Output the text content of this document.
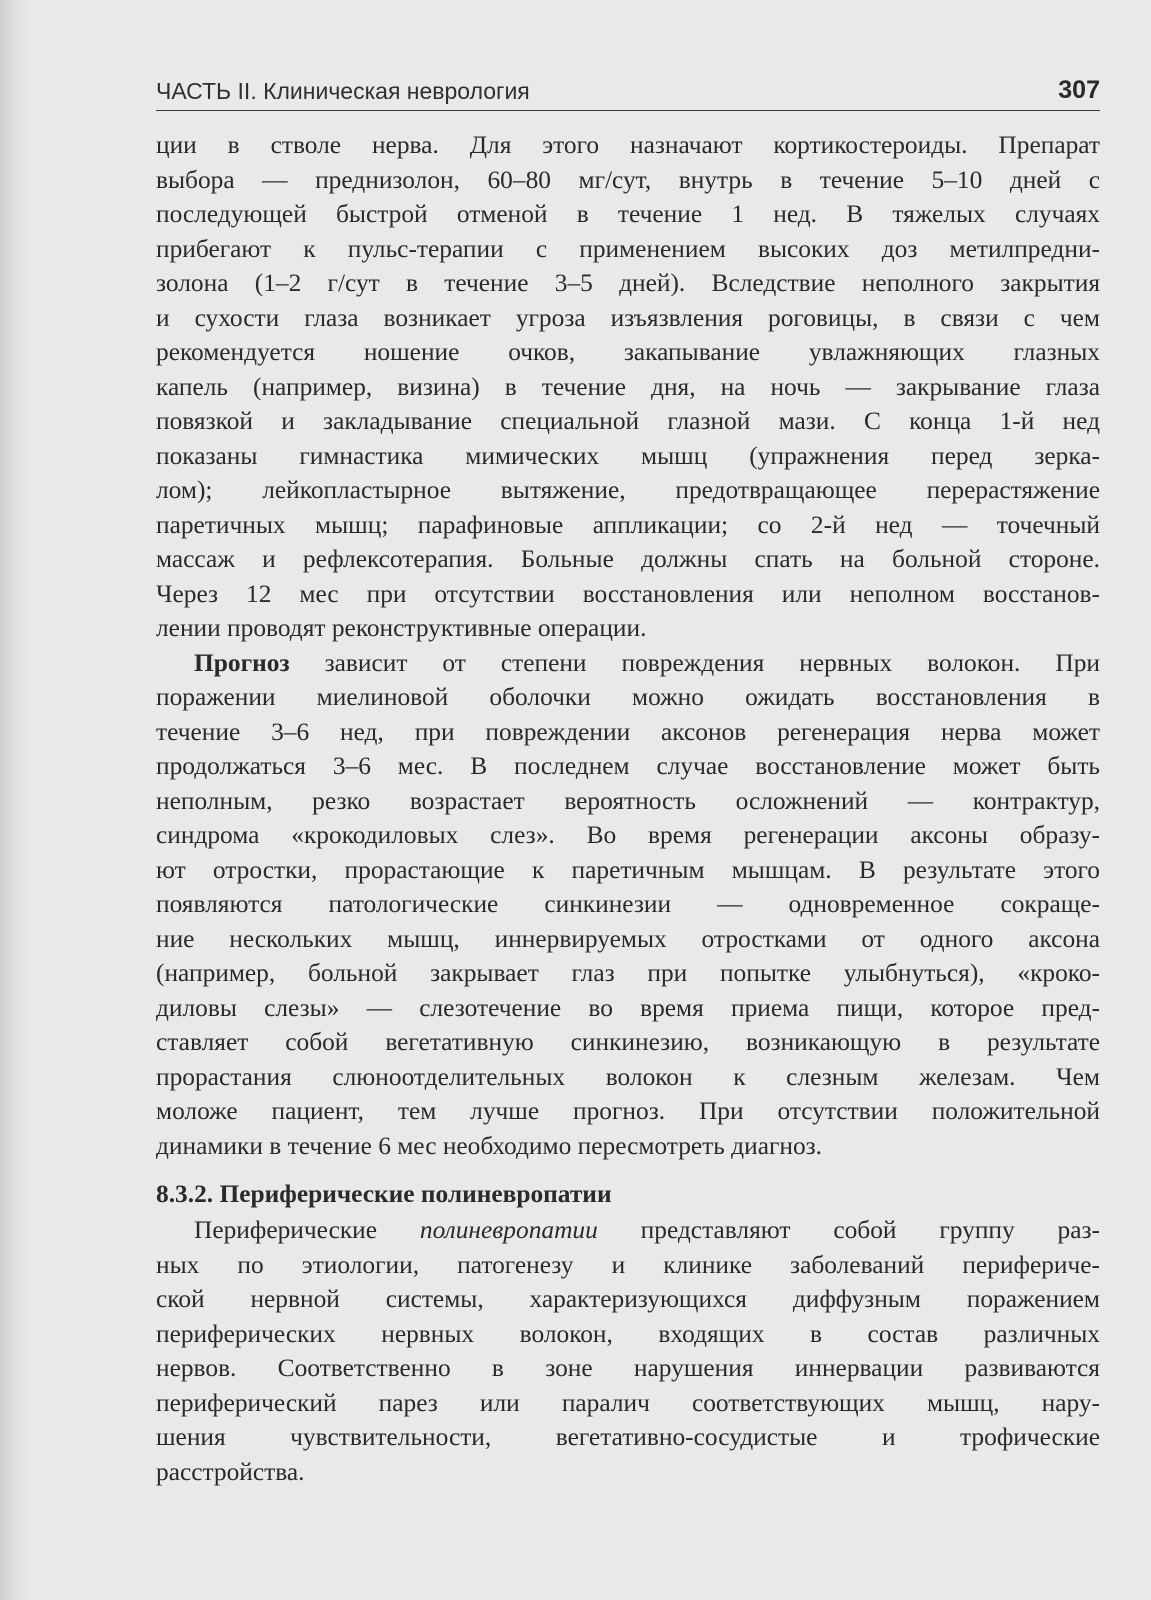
ЧАСТЬ II. Клиническая неврология	307
ции в стволе нерва. Для этого назначают кортикостероиды. Препарат
выбора — преднизолон, 60–80 мг/сут, внутрь в течение 5–10 дней с
последующей быстрой отменой в течение 1 нед. В тяжелых случаях
прибегают к пульс-терапии с применением высоких доз метилпредни-
золона (1–2 г/сут в течение 3–5 дней). Вследствие неполного закрытия
и сухости глаза возникает угроза изъязвления роговицы, в связи с чем
рекомендуется ношение очков, закапывание увлажняющих глазных
капель (например, визина) в течение дня, на ночь — закрывание глаза
повязкой и закладывание специальной глазной мази. С конца 1-й нед
показаны гимнастика мимических мышц (упражнения перед зерка-
лом); лейкопластырное вытяжение, предотвращающее перерастяжение
паретичных мышц; парафиновые аппликации; со 2-й нед — точечный
массаж и рефлексотерапия. Больные должны спать на больной стороне.
Через 12 мес при отсутствии восстановления или неполном восстанов-
лении проводят реконструктивные операции.
Прогноз зависит от степени повреждения нервных волокон. При
поражении миелиновой оболочки можно ожидать восстановления в
течение 3–6 нед, при повреждении аксонов регенерация нерва может
продолжаться 3–6 мес. В последнем случае восстановление может быть
неполным, резко возрастает вероятность осложнений — контрактур,
синдрома «крокодиловых слез». Во время регенерации аксоны образу-
ют отростки, прорастающие к паретичным мышцам. В результате этого
появляются патологические синкинезии — одновременное сокраще-
ние нескольких мышц, иннервируемых отростками от одного аксона
(например, больной закрывает глаз при попытке улыбнуться), «кроко-
диловы слезы» — слезотечение во время приема пищи, которое пред-
ставляет собой вегетативную синкинезию, возникающую в результате
прорастания слюноотделительных волокон к слезным железам. Чем
моложе пациент, тем лучше прогноз. При отсутствии положительной
динамики в течение 6 мес необходимо пересмотреть диагноз.
8.3.2. Периферические полиневропатии
Периферические полиневропатии представляют собой группу раз-
ных по этиологии, патогенезу и клинике заболеваний перифериче-
ской нервной системы, характеризующихся диффузным поражением
периферических нервных волокон, входящих в состав различных
нервов. Соответственно в зоне нарушения иннервации развиваются
периферический парез или паралич соответствующих мышц, нару-
шения чувствительности, вегетативно-сосудистые и трофические
расстройства.
